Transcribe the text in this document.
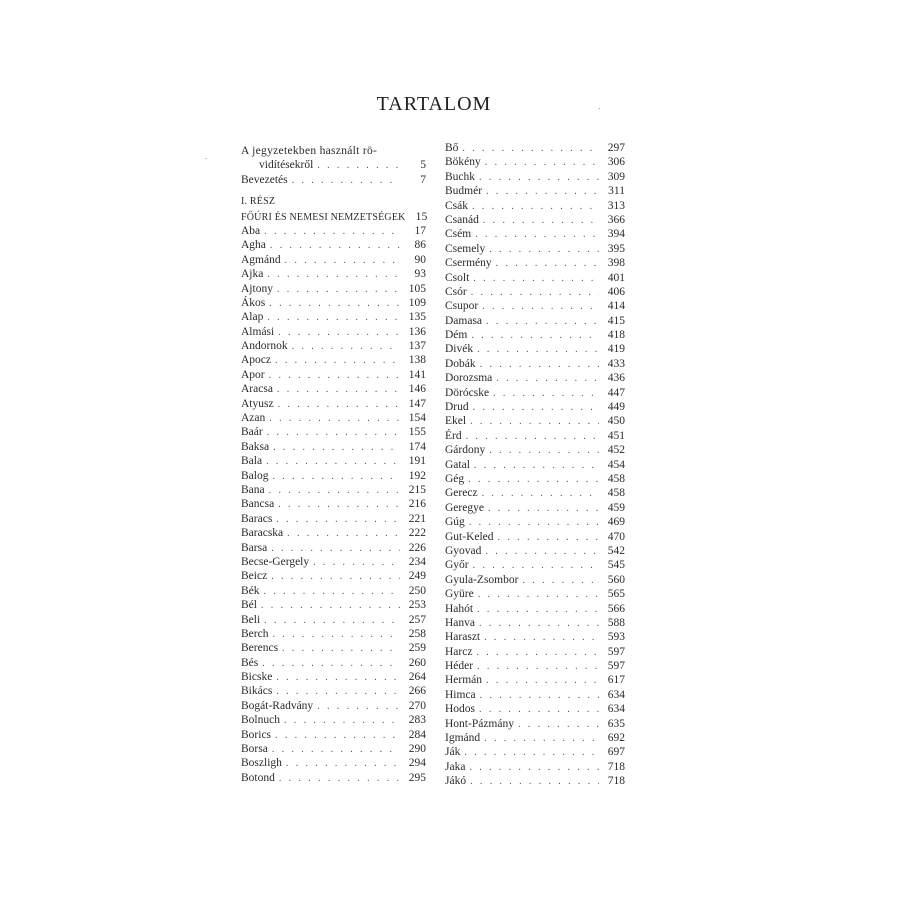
TARTALOM
A jegyzetekben használt rö-
vidítésekről . . .	5
Bevezetés . . .	7
I. RÉSZ
FŐÚRI ÉS NEMESI NEMZETSÉGEK 15
Aba . . .	17
Agha . . .	86
Agmánd . . .	90
Ajka . . .	93
Ajtony . . .	105
Ákos . . .	109
Alap . . .	135
Almási . . .	136
Andornok . . .	137
Apocz . . .	138
Apor . . .	141
Aracsa . . .	146
Atyusz . . .	147
Azan . . .	154
Baár . . .	155
Baksa . . .	174
Bala . . .	191
Balog . . .	192
Bana . . .	215
Bancsa . . .	216
Baracs . . .	221
Baracska . . .	222
Barsa . . .	226
Becse-Gergely . . .	234
Beicz . . .	249
Bék . . .	250
Bél . . .	253
Beli . . .	257
Berch . . .	258
Berencs . . .	259
Bés . . .	260
Bicske . . .	264
Bikács . . .	266
Bogát-Radvány . . .	270
Bolnuch . . .	283
Borics . . .	284
Borsa . . .	290
Boszligh . . .	294
Botond . . .	295
Bő . . .	297
Bökény . . .	306
Buchk . . .	309
Budmér . . .	311
Csák . . .	313
Csanád . . .	366
Csém . . .	394
Csemely . . .	395
Csermény . . .	398
Csolt . . .	401
Csór . . .	406
Csupor . . .	414
Damasa . . .	415
Dém . . .	418
Divék . . .	419
Dobák . . .	433
Dorozsma . . .	436
Dörócske . . .	447
Drud . . .	449
Ekel . . .	450
Érd . . .	451
Gárdony . . .	452
Gatal . . .	454
Gég . . .	458
Gerecz . . .	458
Geregye . . .	459
Gúg . . .	469
Gut-Keled . . .	470
Gyovad . . .	542
Győr . . .	545
Gyula-Zsombor . . .	560
Gyüre . . .	565
Hahót . . .	566
Hanva . . .	588
Haraszt . . .	593
Harcz . . .	597
Héder . . .	597
Hermán . . .	617
Himca . . .	634
Hodos . . .	634
Hont-Pázmány . . .	635
Igmánd . . .	692
Ják . . .	697
Jaka . . .	718
Jákó . . .	718
